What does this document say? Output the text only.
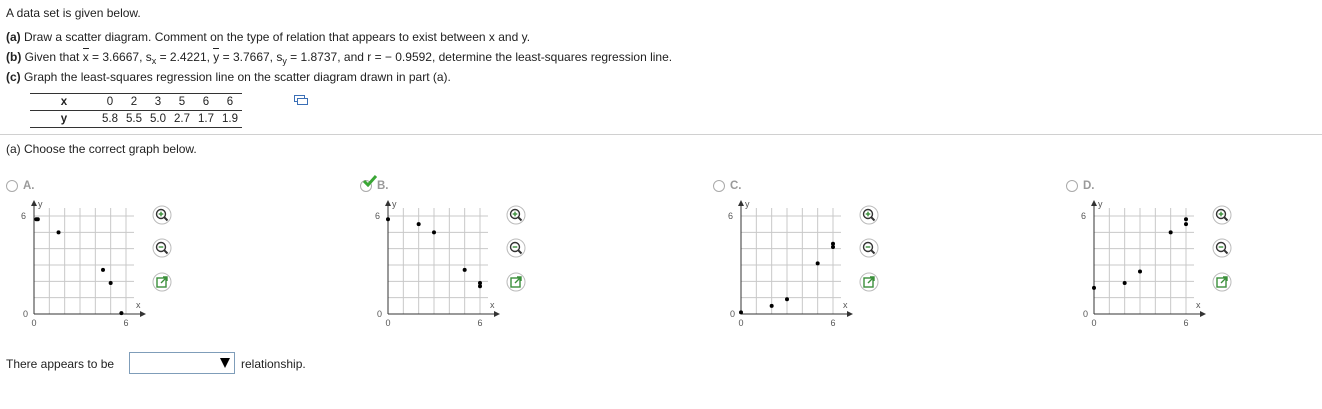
A data set is given below.
(a) Draw a scatter diagram. Comment on the type of relation that appears to exist between x and y.
(b) Given that
x = 3.6667, $s_x = 2.4221$,
y = 3.7667, $s_y = 1.8737$, and r = − 0.9592, determine the least-squares regression line.
(c) Graph the least-squares regression line on the scatter diagram drawn in part (a).
x	0	2	3	5	6	6
y	5.8	5.5	5.0	2.7	1.7	1.9
(a) Choose the correct graph below.
A.	B.	C.	D.
There appears to be	relationship.
6
0
0	6
y
x
6
0
0	6
y
x
6
0
0	6
y
x
6
0
0	6
y
x
